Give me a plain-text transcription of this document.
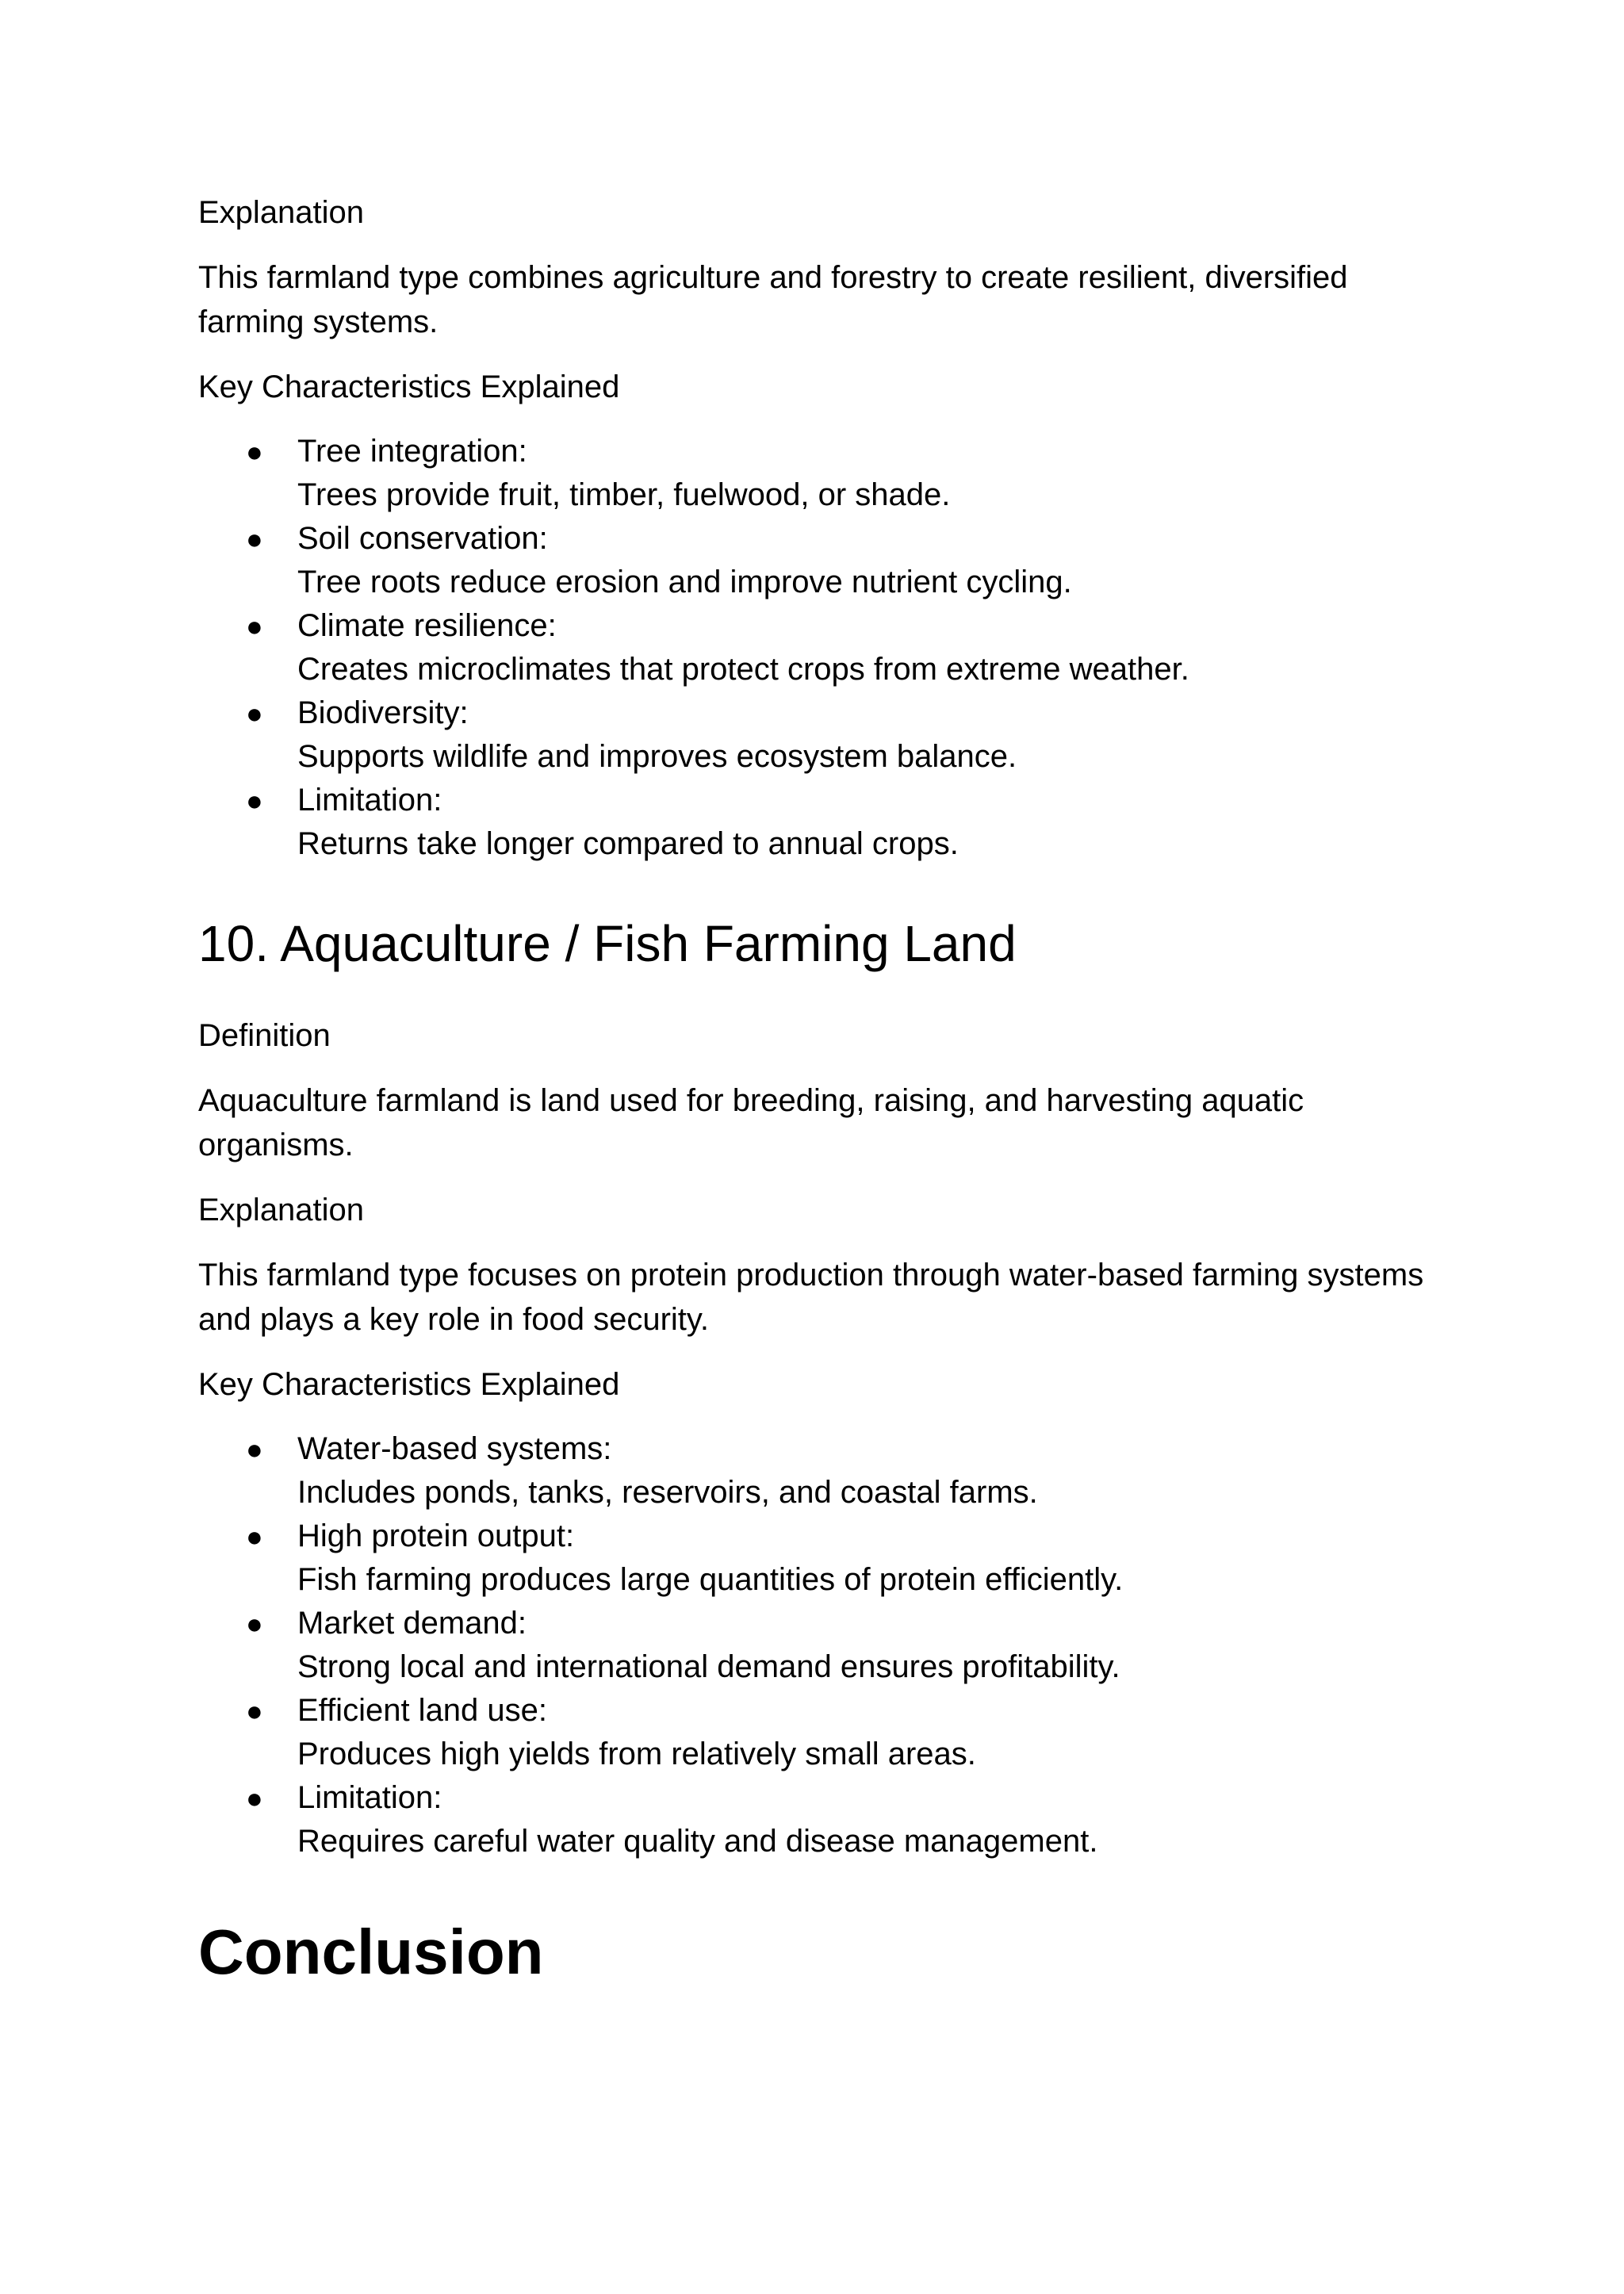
Explanation

This farmland type combines agriculture and forestry to create resilient, diversified farming systems.

Key Characteristics Explained

● Tree integration:
Trees provide fruit, timber, fuelwood, or shade.
● Soil conservation:
Tree roots reduce erosion and improve nutrient cycling.
● Climate resilience:
Creates microclimates that protect crops from extreme weather.
● Biodiversity:
Supports wildlife and improves ecosystem balance.
● Limitation:
Returns take longer compared to annual crops.
10. Aquaculture / Fish Farming Land

Definition

Aquaculture farmland is land used for breeding, raising, and harvesting aquatic organisms.

Explanation

This farmland type focuses on protein production through water-based farming systems and plays a key role in food security.

Key Characteristics Explained

● Water-based systems:
Includes ponds, tanks, reservoirs, and coastal farms.
● High protein output:
Fish farming produces large quantities of protein efficiently.
● Market demand:
Strong local and international demand ensures profitability.
● Efficient land use:
Produces high yields from relatively small areas.
● Limitation:
Requires careful water quality and disease management.
Conclusion
